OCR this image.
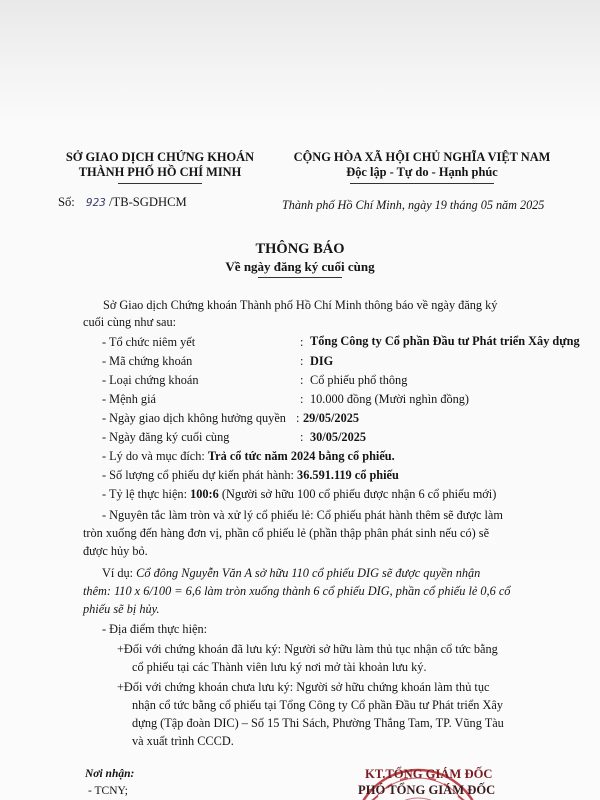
SỞ GIAO DỊCH CHỨNG KHOÁN
THÀNH PHỐ HỒ CHÍ MINH
CỘNG HÒA XÃ HỘI CHỦ NGHĨA VIỆT NAM
Độc lập - Tự do - Hạnh phúc
Số: 923 /TB-SGDHCM	Thành phố Hồ Chí Minh, ngày 19 tháng 05 năm 2025
THÔNG BÁO
Về ngày đăng ký cuối cùng
Sở Giao dịch Chứng khoán Thành phố Hồ Chí Minh thông báo về ngày đăng ký
cuối cùng như sau:
- Tổ chức niêm yết	: Tổng Công ty Cổ phần Đầu tư Phát triển Xây dựng
- Mã chứng khoán	: DIG
- Loại chứng khoán	: Cổ phiếu phổ thông
- Mệnh giá	: 10.000 đồng (Mười nghìn đồng)
- Ngày giao dịch không hưởng quyền : 29/05/2025
- Ngày đăng ký cuối cùng	: 30/05/2025
- Lý do và mục đích: Trả cổ tức năm 2024 bằng cổ phiếu.
- Số lượng cổ phiếu dự kiến phát hành: 36.591.119 cổ phiếu
- Tỷ lệ thực hiện: 100:6 (Người sở hữu 100 cổ phiếu được nhận 6 cổ phiếu mới)
- Nguyên tắc làm tròn và xử lý cổ phiếu lẻ: Cổ phiếu phát hành thêm sẽ được làm
tròn xuống đến hàng đơn vị, phần cổ phiếu lẻ (phần thập phân phát sinh nếu có) sẽ
được hủy bỏ.
Ví dụ: Cổ đông Nguyễn Văn A sở hữu 110 cổ phiếu DIG sẽ được quyền nhận
thêm: 110 x 6/100 = 6,6 làm tròn xuống thành 6 cổ phiếu DIG, phần cổ phiếu lẻ 0,6 cổ
phiếu sẽ bị hủy.
- Địa điểm thực hiện:
+Đối với chứng khoán đã lưu ký: Người sở hữu làm thủ tục nhận cổ tức bằng
cổ phiếu tại các Thành viên lưu ký nơi mở tài khoản lưu ký.
+Đối với chứng khoán chưa lưu ký: Người sở hữu chứng khoán làm thủ tục
nhận cổ tức bằng cổ phiếu tại Tổng Công ty Cổ phần Đầu tư Phát triển Xây
dựng (Tập đoàn DIC) – Số 15 Thi Sách, Phường Thắng Tam, TP. Vũng Tàu
và xuất trình CCCD.
Nơi nhận:
- TCNY;
KT.TỔNG GIÁM ĐỐC
PHÓ TỔNG GIÁM ĐỐC
